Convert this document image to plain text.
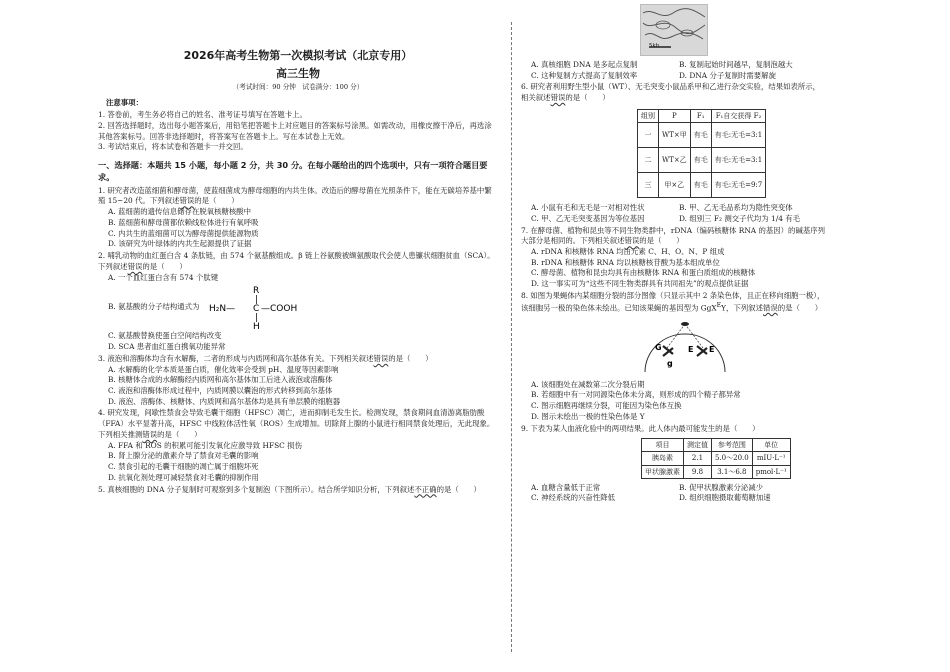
2026年高考生物第一次模拟考试（北京专用）
高三生物
（考试时间：90 分钟　试卷满分：100 分）
注意事项：

1. 答卷前，考生务必将自己的姓名、准考证号填写在答题卡上。

2. 回答选择题时，选出每小题答案后，用铅笔把答题卡上对应题目的答案标号涂黑。如需改动，用橡皮擦干净后，再选涂其他答案标号。回答非选择题时，将答案写在答题卡上。写在本试卷上无效。

3. 考试结束后，将本试卷和答题卡一并交回。

一、选择题：本题共 15 小题，每小题 2 分，共 30 分。在每小题给出的四个选项中，只有一项符合题目要求。

1. 研究者改造蓝细菌和酵母菌，使蓝细菌成为酵母细胞的内共生体。改造后的酵母菌在光照条件下，能在无碳培养基中繁殖 15~20 代。下列叙述错误的是（　　）

A. 蓝细菌的遗传信息储存在脱氧核糖核酸中

B. 蓝细菌和酵母菌都依赖线粒体进行有氧呼吸

C. 内共生的蓝细菌可以为酵母菌提供能源物质

D. 该研究为叶绿体的内共生起源提供了证据

2. 哺乳动物的血红蛋白含 4 条肽链，由 574 个氨基酸组成。β 链上谷氨酸被缬氨酸取代会使人患镰状细胞贫血（SCA）。下列叙述错误的是（　　）

A. 一个血红蛋白含有 574 个肽键

B. 氨基酸的分子结构通式为
R
|
H₂N— C —COOH
|
H

C. 氨基酸替换使蛋白空间结构改变

D. SCA 患者血红蛋白携氧功能异常

3. 液泡和溶酶体均含有水解酶，二者的形成与内质网和高尔基体有关。下列相关叙述错误的是（　　）

A. 水解酶的化学本质是蛋白质，催化效率会受到 pH、温度等因素影响

B. 核糖体合成的水解酶经内质网和高尔基体加工后进入液泡或溶酶体

C. 液泡和溶酶体形成过程中，内质网膜以囊泡的形式转移到高尔基体

D. 液泡、溶酶体、核糖体、内质网和高尔基体均是具有单层膜的细胞器

4. 研究发现，间歇性禁食会导致毛囊干细胞（HFSC）凋亡，进而抑制毛发生长。检测发现，禁食期间血清游离脂肪酸（FFA）水平显著升高，HFSC 中线粒体活性氧（ROS）生成增加。切除肾上腺的小鼠进行相同禁食处理后，无此现象。下列相关推测错误的是（　　）

A. FFA 和 ROS 的积累可能引发氧化应激导致 HFSC 损伤

B. 肾上腺分泌的激素介导了禁食对毛囊的影响

C. 禁食引起的毛囊干细胞的凋亡属于细胞坏死

D. 抗氧化剂处理可减轻禁食对毛囊的抑制作用

5. 真核细胞的 DNA 分子复制时可观察到多个复制泡（下图所示）。结合所学知识分析，下列叙述不正确的是（　　）

5kb
A. 真核细胞 DNA 是多起点复制	B. 复制起始时间越早，复制泡越大
C. 这种复制方式提高了复制效率	D. DNA 分子复制时需要解旋

6. 研究者利用野生型小鼠（WT）、无毛突变小鼠品系甲和乙进行杂交实验，结果如表所示，相关叙述错误的是（　　）

组别	P	F₁	F₁自交获得 F₂
一	WT×甲	有毛	有毛:无毛=3:1
二	WT×乙	有毛	有毛:无毛=3:1
三	甲×乙	有毛	有毛:无毛=9:7
A. 小鼠有毛和无毛是一对相对性状	B. 甲、乙无毛品系均为隐性突变体
C. 甲、乙无毛突变基因为等位基因	D. 组别三 F₂ 测交子代均为 1/4 有毛

7. 在酵母菌、植物和昆虫等不同生物类群中，rDNA（编码核糖体 RNA 的基因）的碱基序列大部分是相同的。下列相关叙述错误的是（　　）

A. rDNA 和核糖体 RNA 均由元素 C、H、O、N、P 组成

B. rDNA 和核糖体 RNA 均以核糖核苷酸为基本组成单位

C. 酵母菌、植物和昆虫均具有由核糖体 RNA 和蛋白质组成的核糖体

D. 这一事实可为“这些不同生物类群具有共同祖先”的观点提供证据

8. 如图为果蝇体内某细胞分裂的部分图像（只显示其中 2 条染色体，且正在移向细胞一极），该细胞另一极的染色体未绘出。已知该果蝇的基因型为 GgX$^E$Y，下列叙述错误的是（　　）

G
g
E E

A. 该细胞处在减数第二次分裂后期

B. 若细胞中有一对同源染色体未分离，则形成的四个精子都异常

C. 图示细胞再继续分裂，可能因为染色体互换

D. 图示未绘出一极的性染色体是 Y

9. 下表为某人血液化验中的两项结果。此人体内最可能发生的是（　　）

项目	测定值	参考范围	单位
胰岛素	2.1	5.0～20.0	mIU·L⁻¹
甲状腺激素	9.8	3.1～6.8	pmol·L⁻¹
A. 血糖含量低于正常	B. 促甲状腺激素分泌减少
C. 神经系统的兴奋性降低	D. 组织细胞摄取葡萄糖加速
